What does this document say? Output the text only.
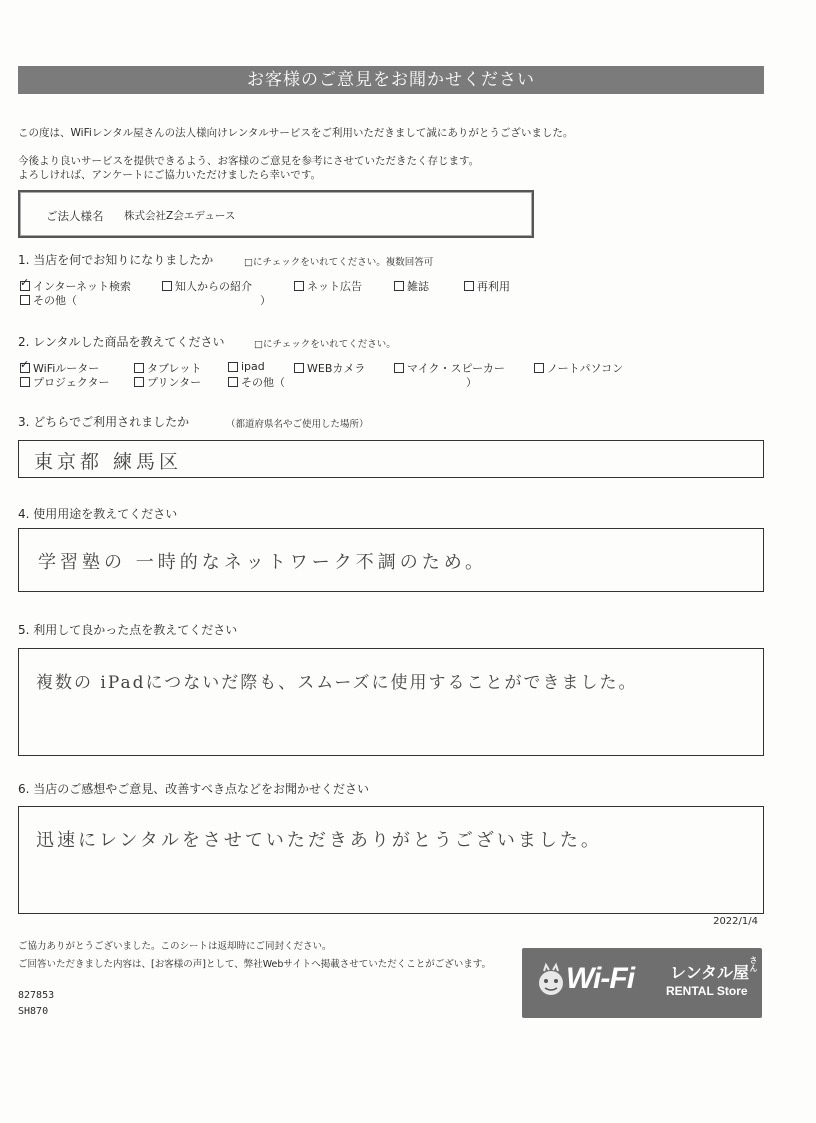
お客様のご意見をお聞かせください
この度は、WiFiレンタル屋さんの法人様向けレンタルサービスをご利用いただきまして誠にありがとうございました。
今後より良いサービスを提供できるよう、お客様のご意見を参考にさせていただきたく存じます。
よろしければ、アンケートにご協力いただけましたら幸いです。
ご法人様名 株式会社Z会エデュース
1. 当店を何でお知りになりましたか	□にチェックをいれてください。複数回答可
✓
インターネット検索	知人からの紹介	ネット広告	雑誌	再利用
その他（	）
2. レンタルした商品を教えてください	□にチェックをいれてください。
✓
WiFiルーター	タブレット	ipad	WEBカメラ	マイク・スピーカー	ノートパソコン
プロジェクター	プリンター	その他（	）
3. どちらでご利用されましたか	（都道府県名やご使用した場所）
東京都 練馬区
4. 使用用途を教えてください
学習塾の 一時的なネットワーク不調のため。
5. 利用して良かった点を教えてください
複数の iPadにつないだ際も、スムーズに使用することができました。
6. 当店のご感想やご意見、改善すべき点などをお聞かせください
迅速にレンタルをさせていただきありがとうございました。
2022/1/4
ご協力ありがとうございました。このシートは返却時にご同封ください。
ご回答いただきました内容は、[お客様の声]として、弊社Webサイトへ掲載させていただくことがございます。
827853
SH870
Wi-Fi レンタル屋 さん
RENTAL Store
